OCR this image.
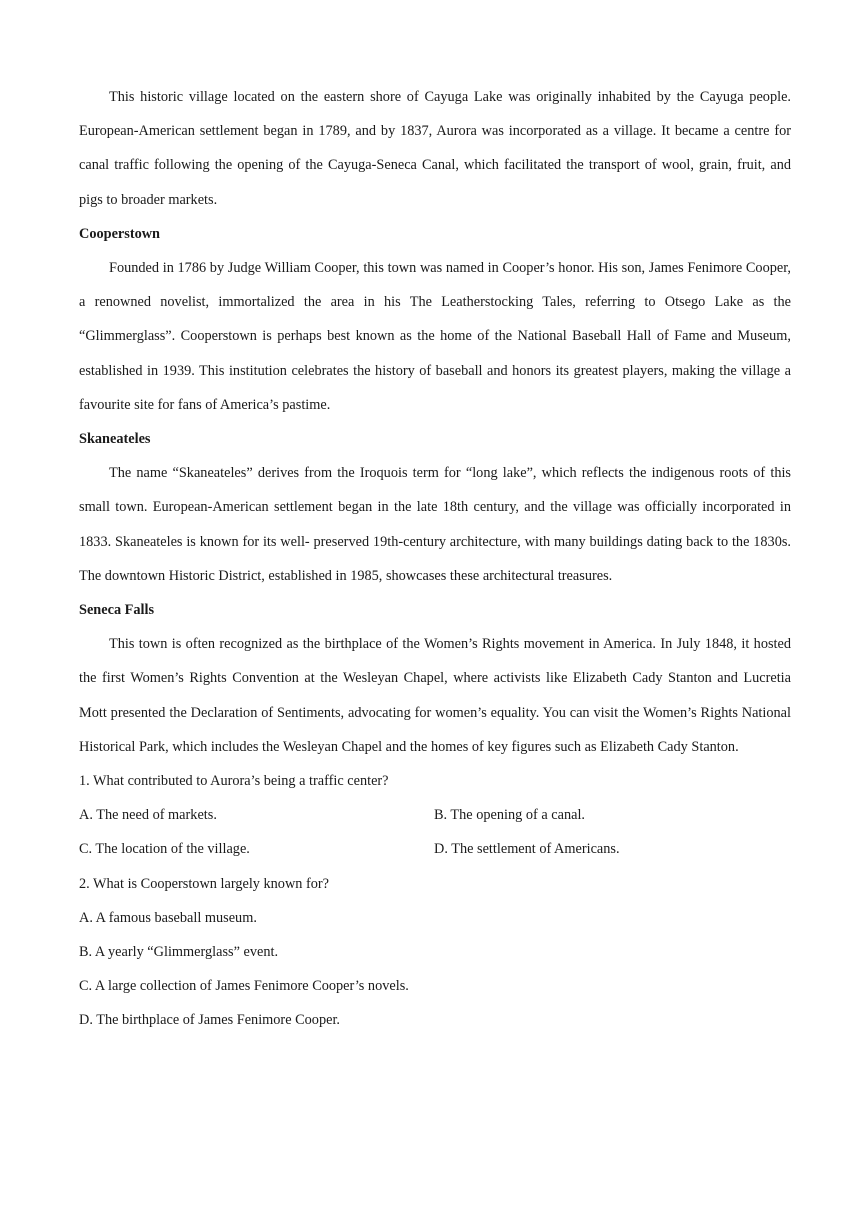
This historic village located on the eastern shore of Cayuga Lake was originally inhabited by the Cayuga people. European-American settlement began in 1789, and by 1837, Aurora was incorporated as a village. It became a centre for canal traffic following the opening of the Cayuga-Seneca Canal, which facilitated the transport of wool, grain, fruit, and pigs to broader markets.

Cooperstown

Founded in 1786 by Judge William Cooper, this town was named in Cooper’s honor. His son, James Fenimore Cooper, a renowned novelist, immortalized the area in his The Leatherstocking Tales, referring to Otsego Lake as the “Glimmerglass”. Cooperstown is perhaps best known as the home of the National Baseball Hall of Fame and Museum, established in 1939. This institution celebrates the history of baseball and honors its greatest players, making the village a favourite site for fans of America’s pastime.

Skaneateles

The name “Skaneateles” derives from the Iroquois term for “long lake”, which reflects the indigenous roots of this small town. European-American settlement began in the late 18th century, and the village was officially incorporated in 1833. Skaneateles is known for its well- preserved 19th-century architecture, with many buildings dating back to the 1830s. The downtown Historic District, established in 1985, showcases these architectural treasures.

Seneca Falls

This town is often recognized as the birthplace of the Women’s Rights movement in America. In July 1848, it hosted the first Women’s Rights Convention at the Wesleyan Chapel, where activists like Elizabeth Cady Stanton and Lucretia Mott presented the Declaration of Sentiments, advocating for women’s equality. You can visit the Women’s Rights National Historical Park, which includes the Wesleyan Chapel and the homes of key figures such as Elizabeth Cady Stanton.

1. What contributed to Aurora’s being a traffic center?

A. The need of markets.	B. The opening of a canal.
C. The location of the village.	D. The settlement of Americans.

2. What is Cooperstown largely known for?

A. A famous baseball museum.

B. A yearly “Glimmerglass” event.

C. A large collection of James Fenimore Cooper’s novels.

D. The birthplace of James Fenimore Cooper.
